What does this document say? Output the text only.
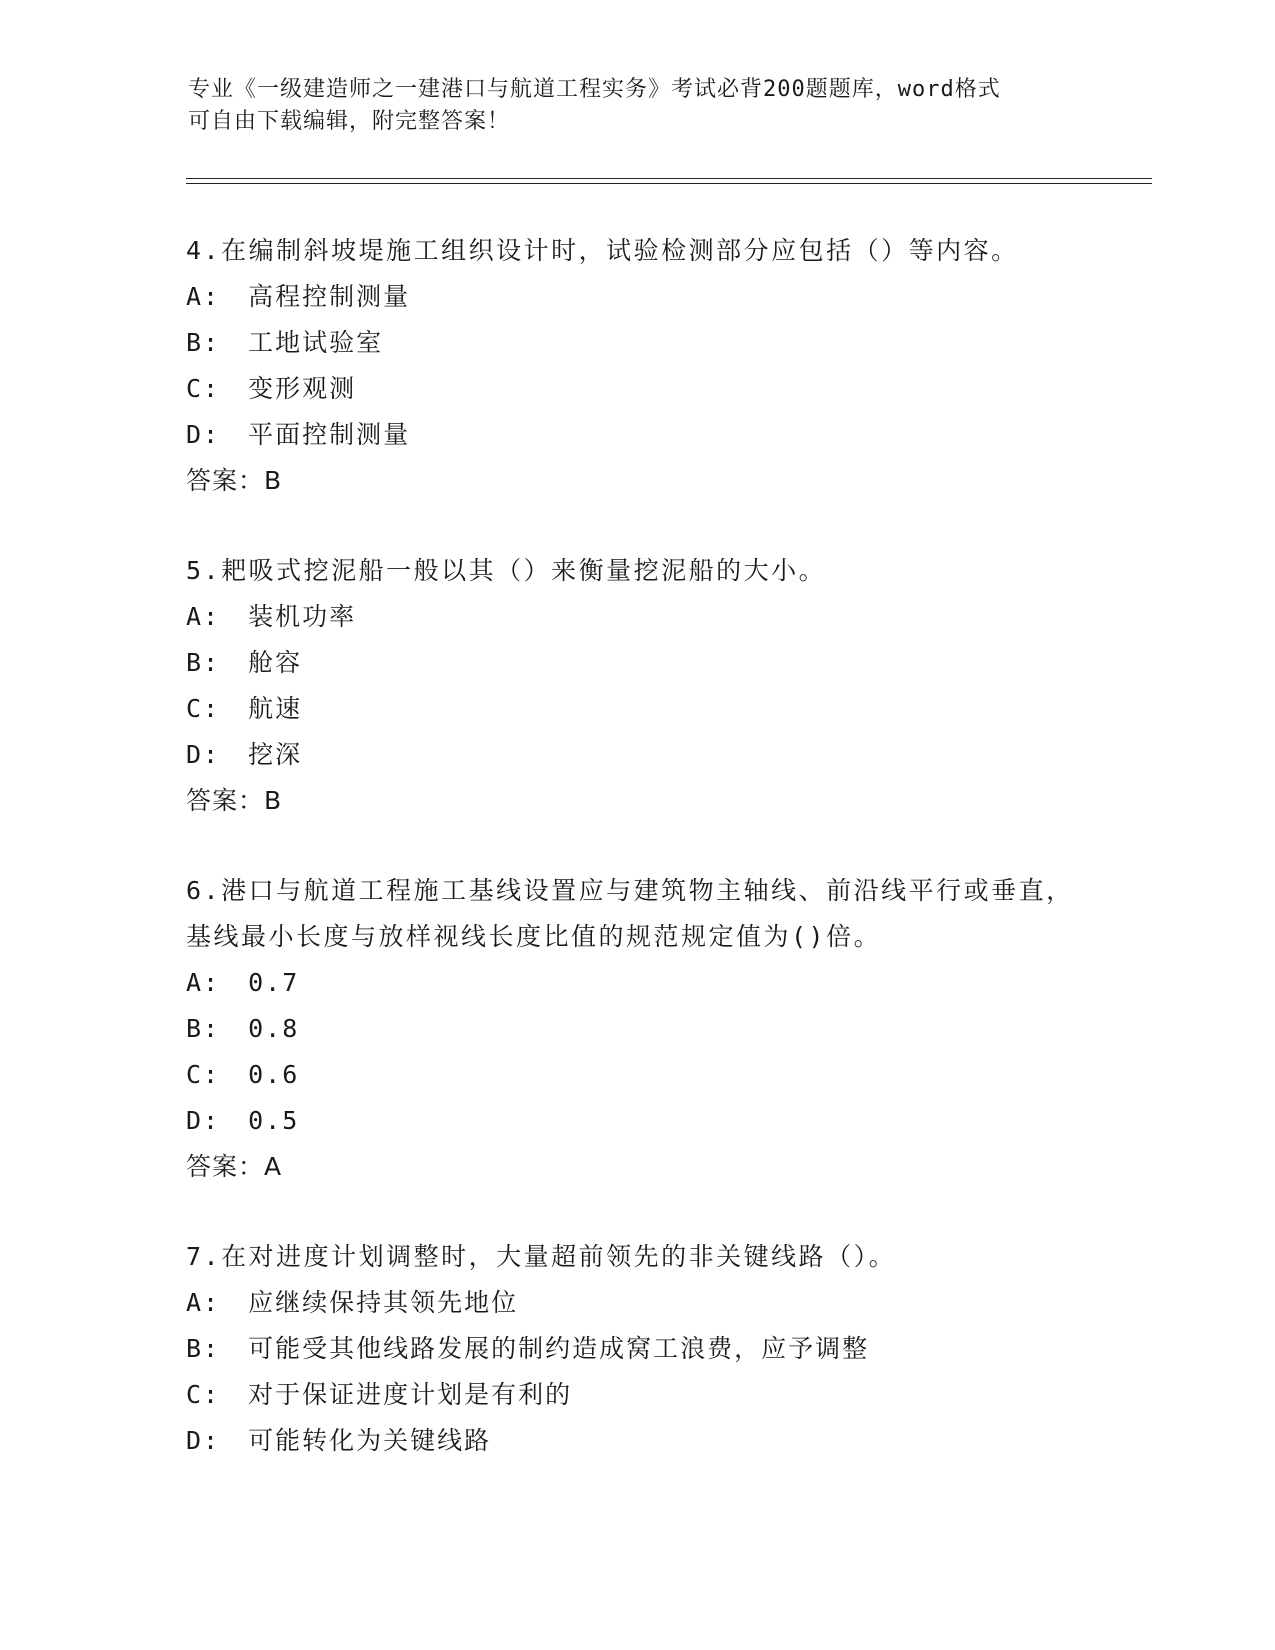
专业《一级建造师之一建港口与航道工程实务》考试必背200题题库，word格式
可自由下载编辑，附完整答案！

4.在编制斜坡堤施工组织设计时，试验检测部分应包括（）等内容。

A: 高程控制测量
B: 工地试验室
C: 变形观测
D: 平面控制测量
答案：B

5.耙吸式挖泥船一般以其（）来衡量挖泥船的大小。

A: 装机功率
B: 舱容
C: 航速
D: 挖深
答案：B

6.港口与航道工程施工基线设置应与建筑物主轴线、前沿线平行或垂直，基线最小长度与放样视线长度比值的规范规定值为()倍。

A: 0.7
B: 0.8
C: 0.6
D: 0.5
答案：A

7.在对进度计划调整时，大量超前领先的非关键线路（）。

A: 应继续保持其领先地位
B: 可能受其他线路发展的制约造成窝工浪费，应予调整
C: 对于保证进度计划是有利的
D: 可能转化为关键线路
